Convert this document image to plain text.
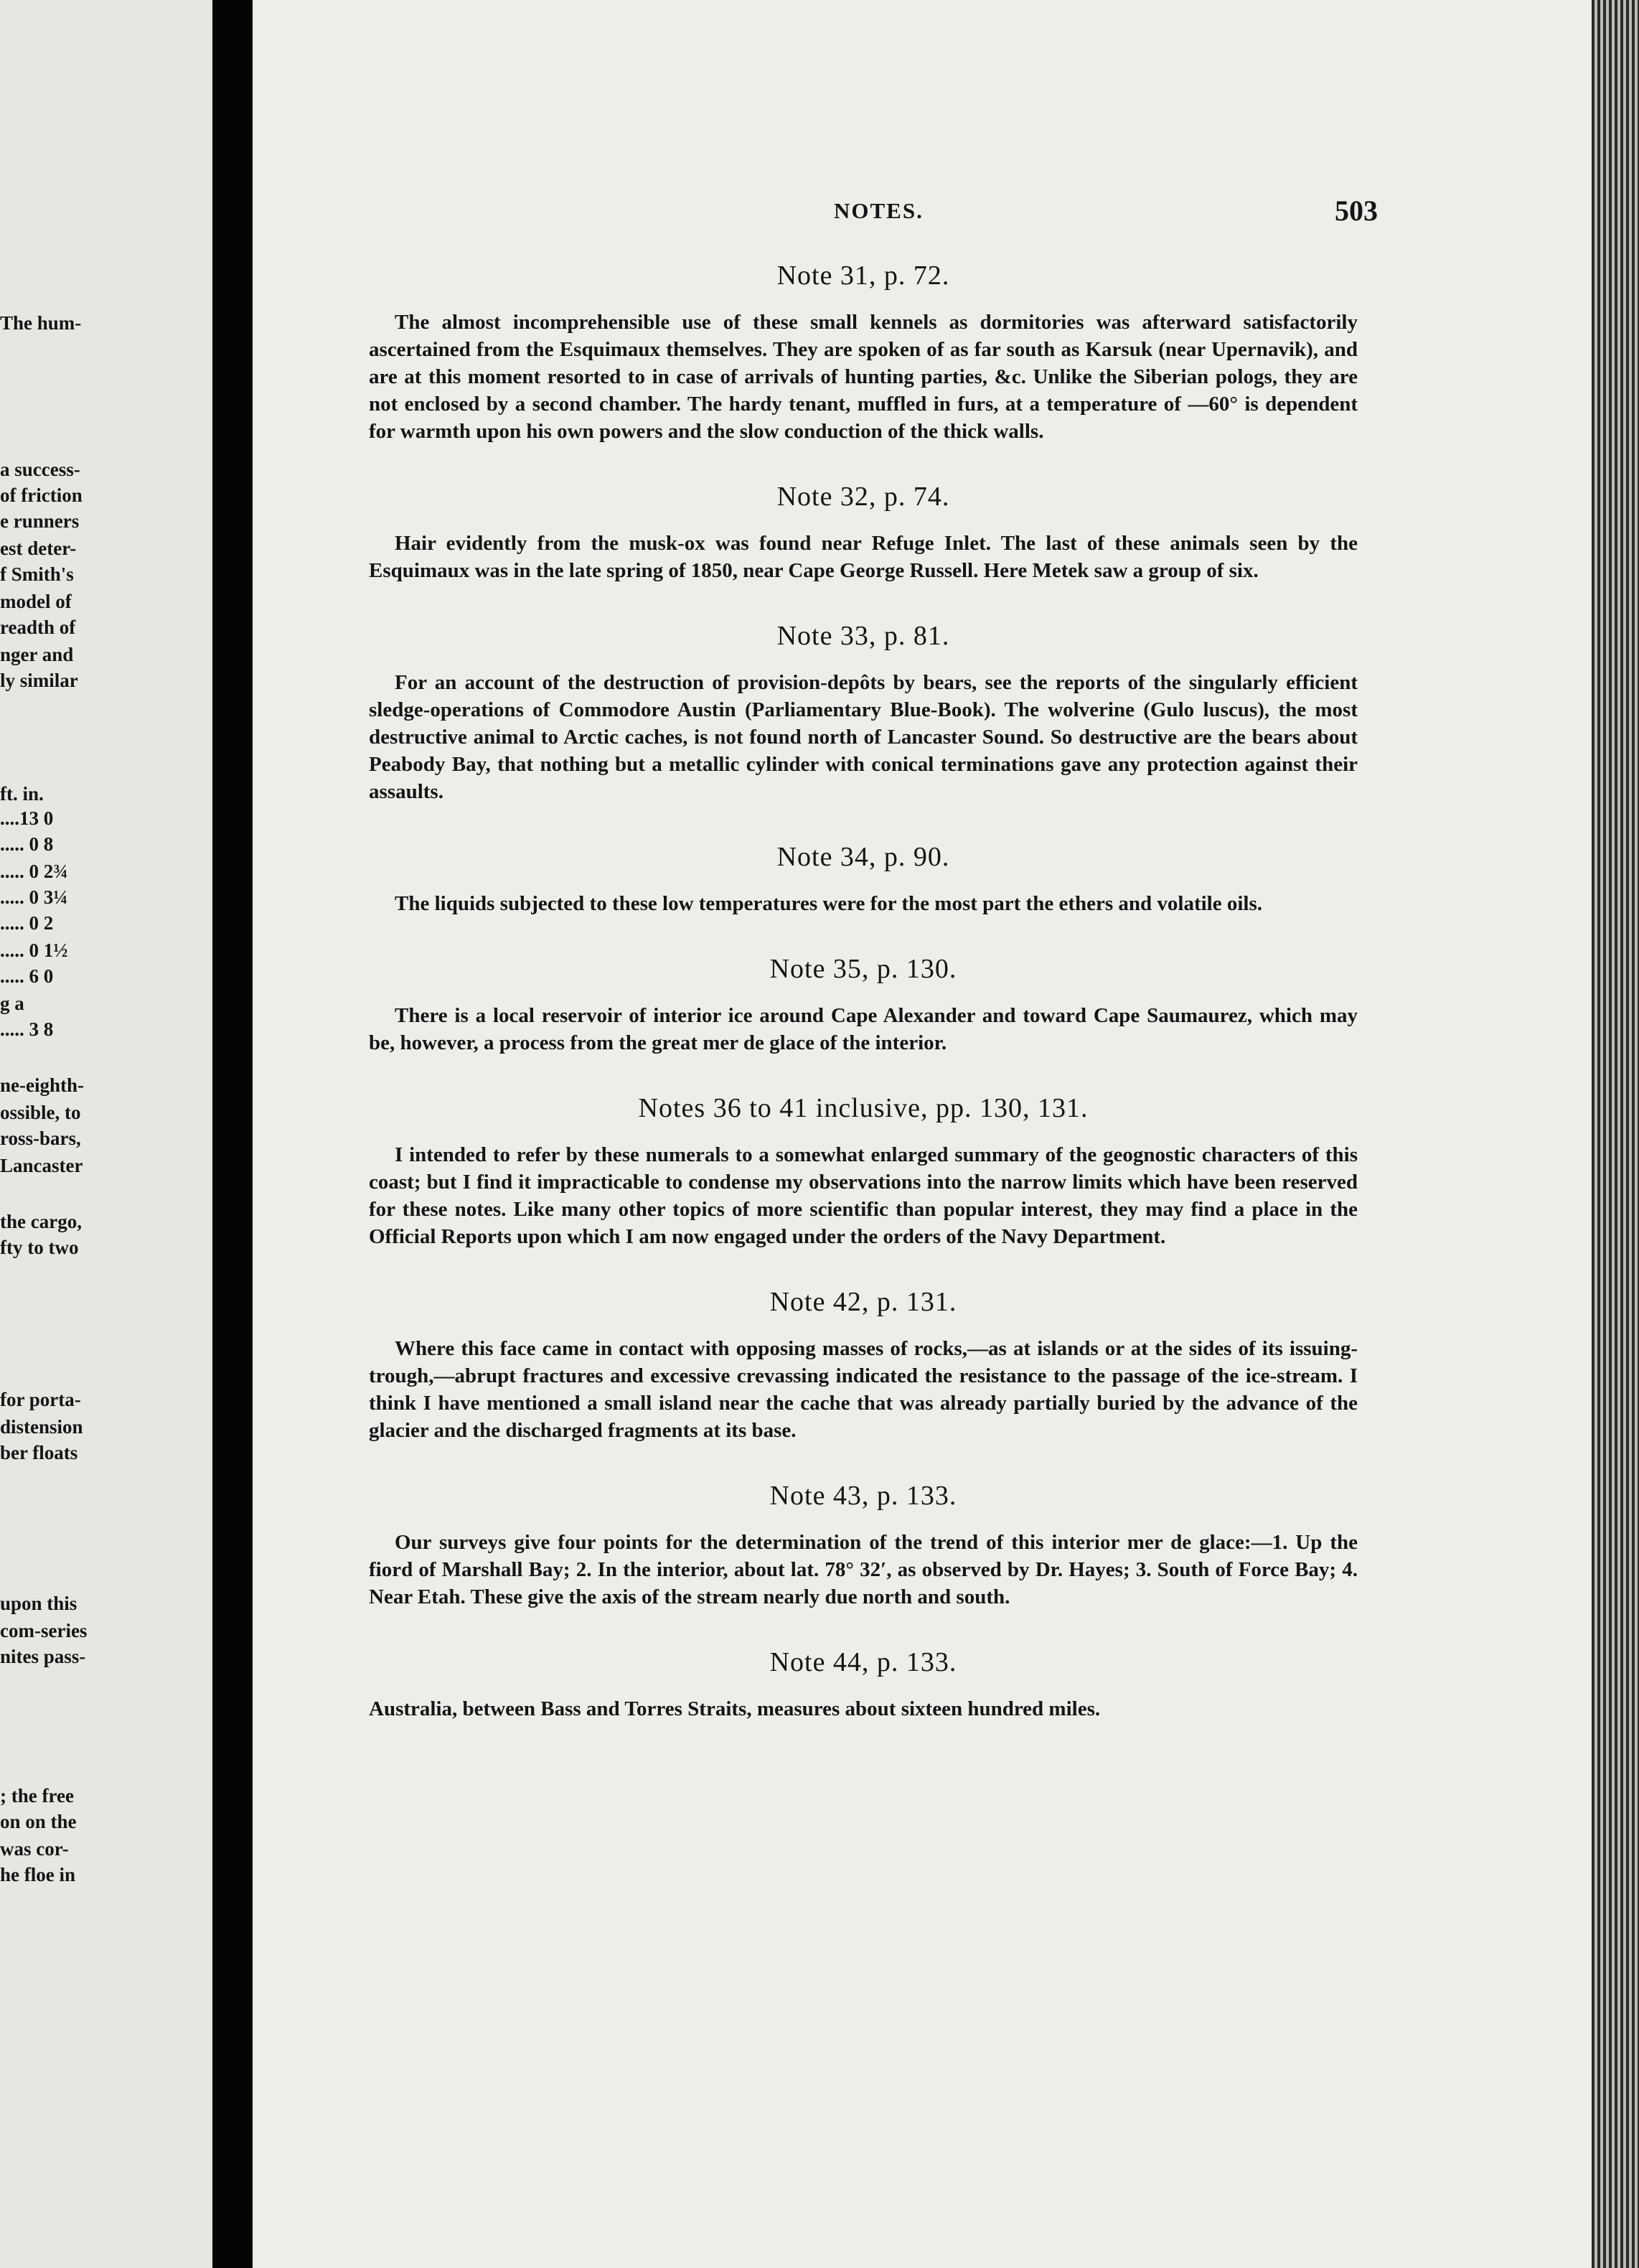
The hum-
a success-
of friction
e runners
est deter-
f Smith's
model of
readth of
nger and
ly similar
ft. in.
....13 0
..... 0 8
..... 0 2¾
..... 0 3¼
..... 0 2
..... 0 1½
..... 6 0
g a
..... 3 8
ne-eighth-
ossible, to
ross-bars,
Lancaster
the cargo,
fty to two
for porta-
distension
ber floats
upon this
com-series
nites pass-
; the free
on on the
was cor-
he floe in
NOTES.	503
Note 31, p. 72.
The almost incomprehensible use of these small kennels as dormitories was afterward satisfactorily ascertained from the Esquimaux themselves. They are spoken of as far south as Karsuk (near Upernavik), and are at this moment resorted to in case of arrivals of hunting parties, &c. Unlike the Siberian pologs, they are not enclosed by a second chamber. The hardy tenant, muffled in furs, at a temperature of —60° is dependent for warmth upon his own powers and the slow conduction of the thick walls.
Note 32, p. 74.
Hair evidently from the musk-ox was found near Refuge Inlet. The last of these animals seen by the Esquimaux was in the late spring of 1850, near Cape George Russell. Here Metek saw a group of six.
Note 33, p. 81.
For an account of the destruction of provision-depôts by bears, see the reports of the singularly efficient sledge-operations of Commodore Austin (Parliamentary Blue-Book). The wolverine (Gulo luscus), the most destructive animal to Arctic caches, is not found north of Lancaster Sound. So destructive are the bears about Peabody Bay, that nothing but a metallic cylinder with conical terminations gave any protection against their assaults.
Note 34, p. 90.
The liquids subjected to these low temperatures were for the most part the ethers and volatile oils.
Note 35, p. 130.
There is a local reservoir of interior ice around Cape Alexander and toward Cape Saumaurez, which may be, however, a process from the great mer de glace of the interior.
Notes 36 to 41 inclusive, pp. 130, 131.
I intended to refer by these numerals to a somewhat enlarged summary of the geognostic characters of this coast; but I find it impracticable to condense my observations into the narrow limits which have been reserved for these notes. Like many other topics of more scientific than popular interest, they may find a place in the Official Reports upon which I am now engaged under the orders of the Navy Department.
Note 42, p. 131.
Where this face came in contact with opposing masses of rocks,—as at islands or at the sides of its issuing-trough,—abrupt fractures and excessive crevassing indicated the resistance to the passage of the ice-stream. I think I have mentioned a small island near the cache that was already partially buried by the advance of the glacier and the discharged fragments at its base.
Note 43, p. 133.
Our surveys give four points for the determination of the trend of this interior mer de glace:—1. Up the fiord of Marshall Bay; 2. In the interior, about lat. 78° 32′, as observed by Dr. Hayes; 3. South of Force Bay; 4. Near Etah. These give the axis of the stream nearly due north and south.
Note 44, p. 133.
Australia, between Bass and Torres Straits, measures about sixteen hundred miles.
